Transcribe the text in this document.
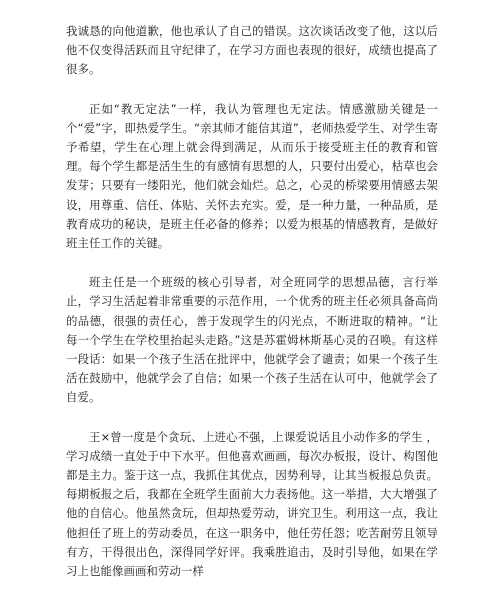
我诚恳的向他道歉，他也承认了自己的错误。这次谈话改变了他，这以后他不仅变得活跃而且守纪律了，在学习方面也表现的很好，成绩也提高了很多。

正如“教无定法”一样，我认为管理也无定法。情感激励关键是一个“爱”字，即热爱学生。“亲其师才能信其道”，老师热爱学生、对学生寄予希望，学生在心理上就会得到满足，从而乐于接受班主任的教育和管理。每个学生都是活生生的有感情有思想的人，只要付出爱心，枯草也会发芽；只要有一缕阳光，他们就会灿烂。总之，心灵的桥梁要用情感去架设，用尊重、信任、体贴、关怀去充实。爱，是一种力量，一种品质，是教育成功的秘诀，是班主任必备的修养；以爱为根基的情感教育，是做好班主任工作的关键。

班主任是一个班级的核心引导者，对全班同学的思想品德，言行举止，学习生活起着非常重要的示范作用，一个优秀的班主任必须具备高尚的品德，很强的责任心，善于发现学生的闪光点，不断进取的精神。“让每一个学生在学校里抬起头走路。”这是苏霍姆林斯基心灵的召唤。有这样一段话：如果一个孩子生活在批评中，他就学会了谴责；如果一个孩子生活在鼓励中，他就学会了自信；如果一个孩子生活在认可中，他就学会了自爱。

王×曾一度是个贪玩、上进心不强，上课爱说话且小动作多的学生 ，学习成绩一直处于中下水平。但他喜欢画画，每次办板报，设计、构图他都是主力。鉴于这一点，我抓住其优点，因势利导，让其当板报总负责。每期板报之后，我都在全班学生面前大力表扬他。这一举措，大大增强了他的自信心。他虽然贪玩，但却热爱劳动，讲究卫生。利用这一点，我让他担任了班上的劳动委员，在这一职务中，他任劳任怨；吃苦耐劳且领导有方，干得很出色，深得同学好评。我乘胜追击，及时引导他，如果在学习上也能像画画和劳动一样
